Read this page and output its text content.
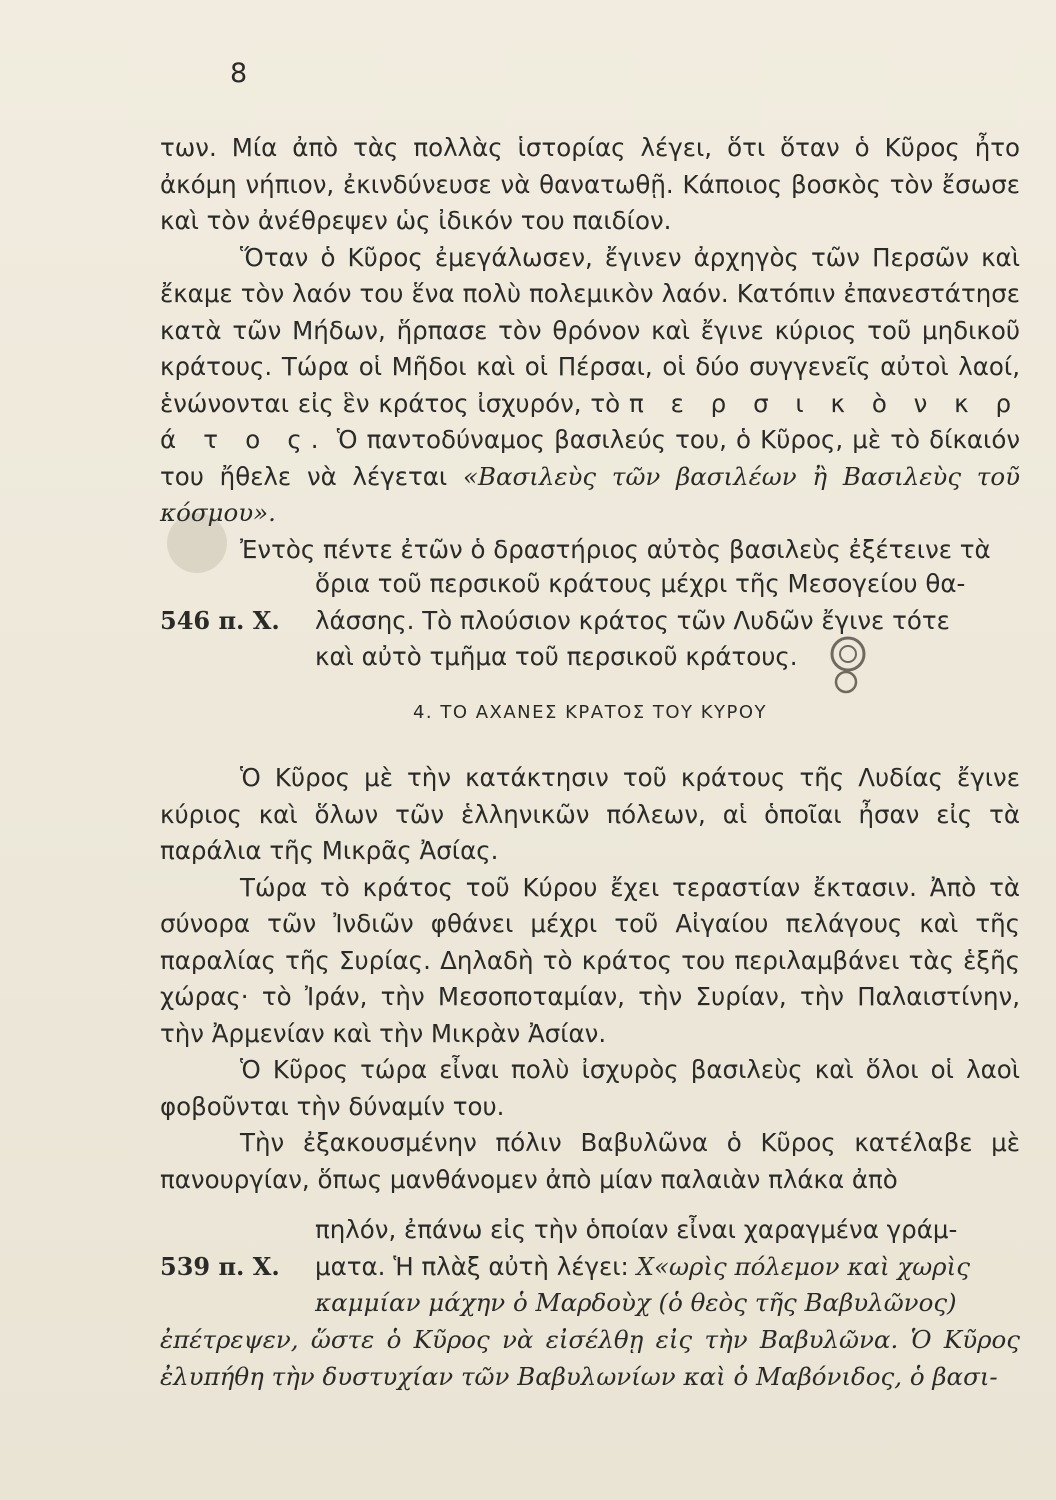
8

των. Μία ἀπὸ τὰς πολλὰς ἱστορίας λέγει, ὅτι ὅταν ὁ Κῦρος ἦτο ἀκόμη νήπιον, ἐκινδύνευσε νὰ θανατωθῇ. Κάποιος βοσκὸς τὸν ἔσωσε καὶ τὸν ἀνέθρεψεν ὡς ἰδικόν του παιδίον.

Ὅταν ὁ Κῦρος ἐμεγάλωσεν, ἔγινεν ἀρχηγὸς τῶν Περσῶν καὶ ἔκαμε τὸν λαόν του ἕνα πολὺ πολεμικὸν λαόν. Κατόπιν ἐπανεστάτησε κατὰ τῶν Μήδων, ἥρπασε τὸν θρόνον καὶ ἔγινε κύριος τοῦ μηδικοῦ κράτους. Τώρα οἱ Μῆδοι καὶ οἱ Πέρσαι, οἱ δύο συγγενεῖς αὐτοὶ λαοί, ἑνώνονται εἰς ἓν κράτος ἰσχυρόν, τὸ π ε ρ σ ι κ ὸ ν κ ρ ά τ ο ς. Ὁ παντοδύναμος βασιλεύς του, ὁ Κῦρος, μὲ τὸ δίκαιόν του ἤθελε νὰ λέγεται «Βασιλεὺς τῶν βασιλέων ἢ Βασιλεὺς τοῦ κόσμου».

Ἐντὸς πέντε ἐτῶν ὁ δραστήριος αὐτὸς βασιλεὺς ἐξέτεινε τὰ

ὅρια τοῦ περσικοῦ κράτους μέχρι τῆς Μεσογείου θα-
546 π. Χ.	λάσσης. Τὸ πλούσιον κράτος τῶν Λυδῶν ἔγινε τότε
καὶ αὐτὸ τμῆμα τοῦ περσικοῦ κράτους.
4. ΤΟ ΑΧΑΝΕΣ ΚΡΑΤΟΣ ΤΟΥ ΚΥΡΟΥ

Ὁ Κῦρος μὲ τὴν κατάκτησιν τοῦ κράτους τῆς Λυδίας ἔγινε κύριος καὶ ὅλων τῶν ἑλληνικῶν πόλεων, αἱ ὁποῖαι ἦσαν εἰς τὰ παράλια τῆς Μικρᾶς Ἀσίας.

Τώρα τὸ κράτος τοῦ Κύρου ἔχει τεραστίαν ἔκτασιν. Ἀπὸ τὰ σύνορα τῶν Ἰνδιῶν φθάνει μέχρι τοῦ Αἰγαίου πελάγους καὶ τῆς παραλίας τῆς Συρίας. Δηλαδὴ τὸ κράτος του περιλαμβάνει τὰς ἑξῆς χώρας· τὸ Ἰράν, τὴν Μεσοποταμίαν, τὴν Συρίαν, τὴν Παλαιστίνην, τὴν Ἀρμενίαν καὶ τὴν Μικρὰν Ἀσίαν.

Ὁ Κῦρος τώρα εἶναι πολὺ ἰσχυρὸς βασιλεὺς καὶ ὅλοι οἱ λαοὶ φοβοῦνται τὴν δύναμίν του.

Τὴν ἐξακουσμένην πόλιν Βαβυλῶνα ὁ Κῦρος κατέλαβε μὲ πανουργίαν, ὅπως μανθάνομεν ἀπὸ μίαν παλαιὰν πλάκα ἀπὸ

πηλόν, ἐπάνω εἰς τὴν ὁποίαν εἶναι χαραγμένα γράμ-
539 π. Χ.	ματα. Ἡ πλὰξ αὐτὴ λέγει: Χ«ωρὶς πόλεμον καὶ χωρὶς
καμμίαν μάχην ὁ Μαρδοὺχ (ὁ θεὸς τῆς Βαβυλῶνος)

ἐπέτρεψεν, ὥστε ὁ Κῦρος νὰ εἰσέλθῃ εἰς τὴν Βαβυλῶνα. Ὁ Κῦρος ἐλυπήθη τὴν δυστυχίαν τῶν Βαβυλωνίων καὶ ὁ Μαβόνιδος, ὁ βασι-
